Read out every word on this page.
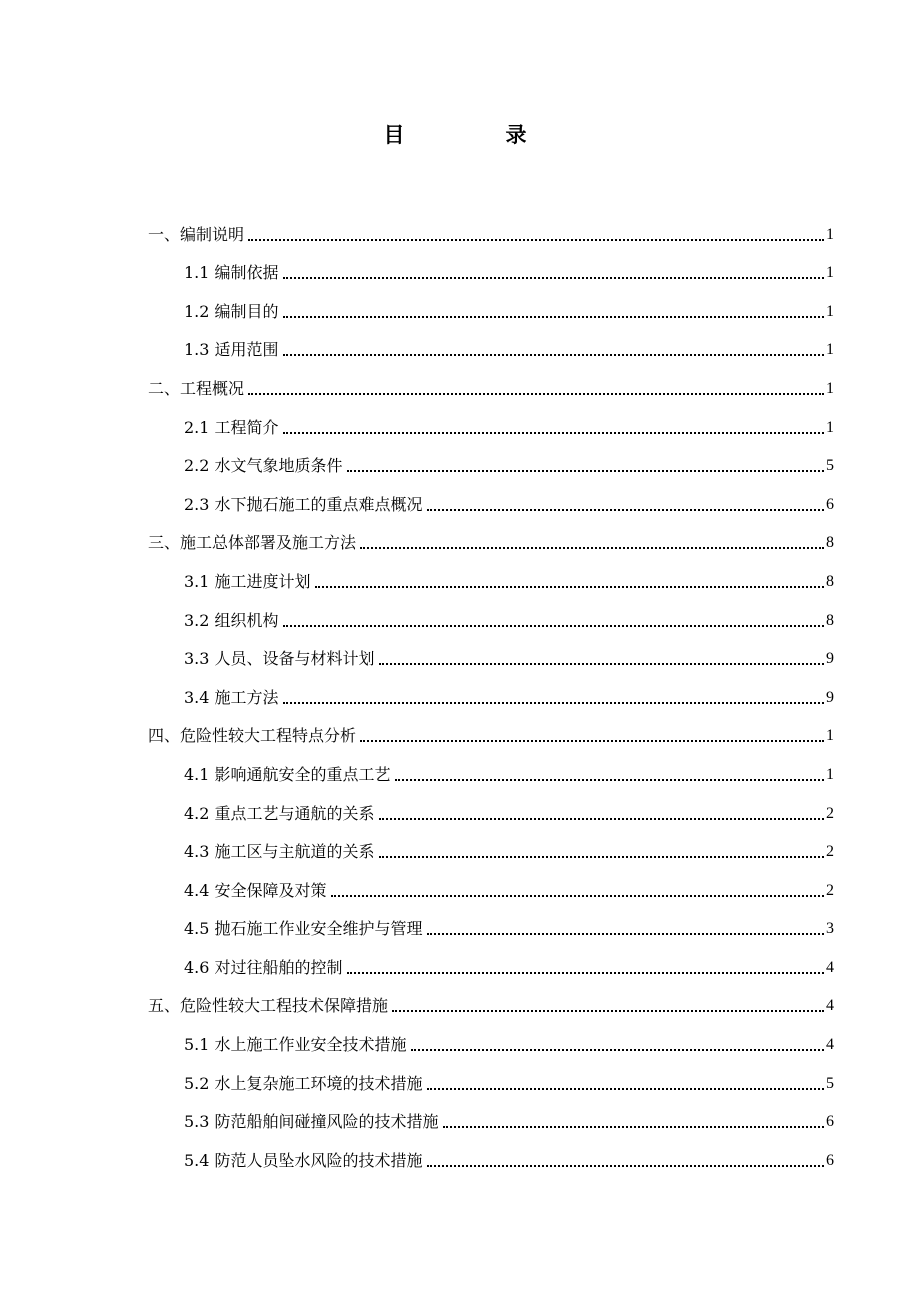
目　录
一、编制说明	1
1.1 编制依据	1
1.2 编制目的	1
1.3 适用范围	1
二、工程概况	1
2.1 工程简介	1
2.2 水文气象地质条件	5
2.3 水下抛石施工的重点难点概况	6
三、施工总体部署及施工方法	8
3.1 施工进度计划	8
3.2 组织机构	8
3.3 人员、设备与材料计划	9
3.4 施工方法	9
四、危险性较大工程特点分析	1
4.1 影响通航安全的重点工艺	1
4.2 重点工艺与通航的关系	2
4.3 施工区与主航道的关系	2
4.4 安全保障及对策	2
4.5 抛石施工作业安全维护与管理	3
4.6 对过往船舶的控制	4
五、危险性较大工程技术保障措施	4
5.1 水上施工作业安全技术措施	4
5.2 水上复杂施工环境的技术措施	5
5.3 防范船舶间碰撞风险的技术措施	6
5.4 防范人员坠水风险的技术措施	6
